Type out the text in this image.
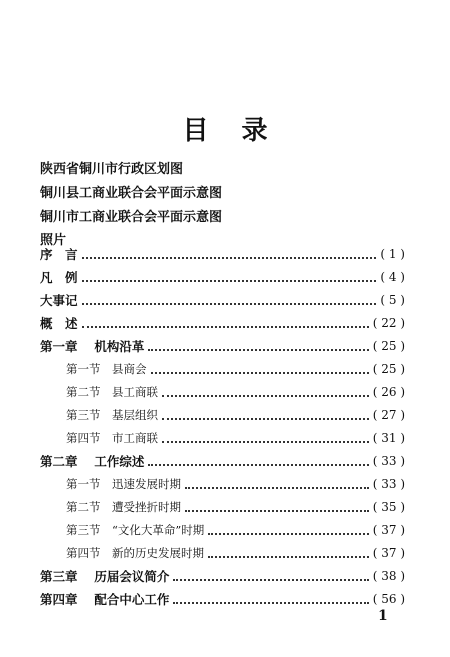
目 录
陕西省铜川市行政区划图
铜川县工商业联合会平面示意图
铜川市工商业联合会平面示意图
照片
序　言	( 1 )
凡　例	( 4 )
大事记	( 5 )
概　述	( 22 )
第一章　 机构沿革	( 25 )
第一节　县商会	( 25 )
第二节　县工商联	( 26 )
第三节　基层组织	( 27 )
第四节　市工商联	( 31 )
第二章　 工作综述	( 33 )
第一节　迅速发展时期	( 33 )
第二节　遭受挫折时期	( 35 )
第三节　“文化大革命”时期	( 37 )
第四节　新的历史发展时期	( 37 )
第三章　 历届会议简介	( 38 )
第四章　 配合中心工作	( 56 )
1
